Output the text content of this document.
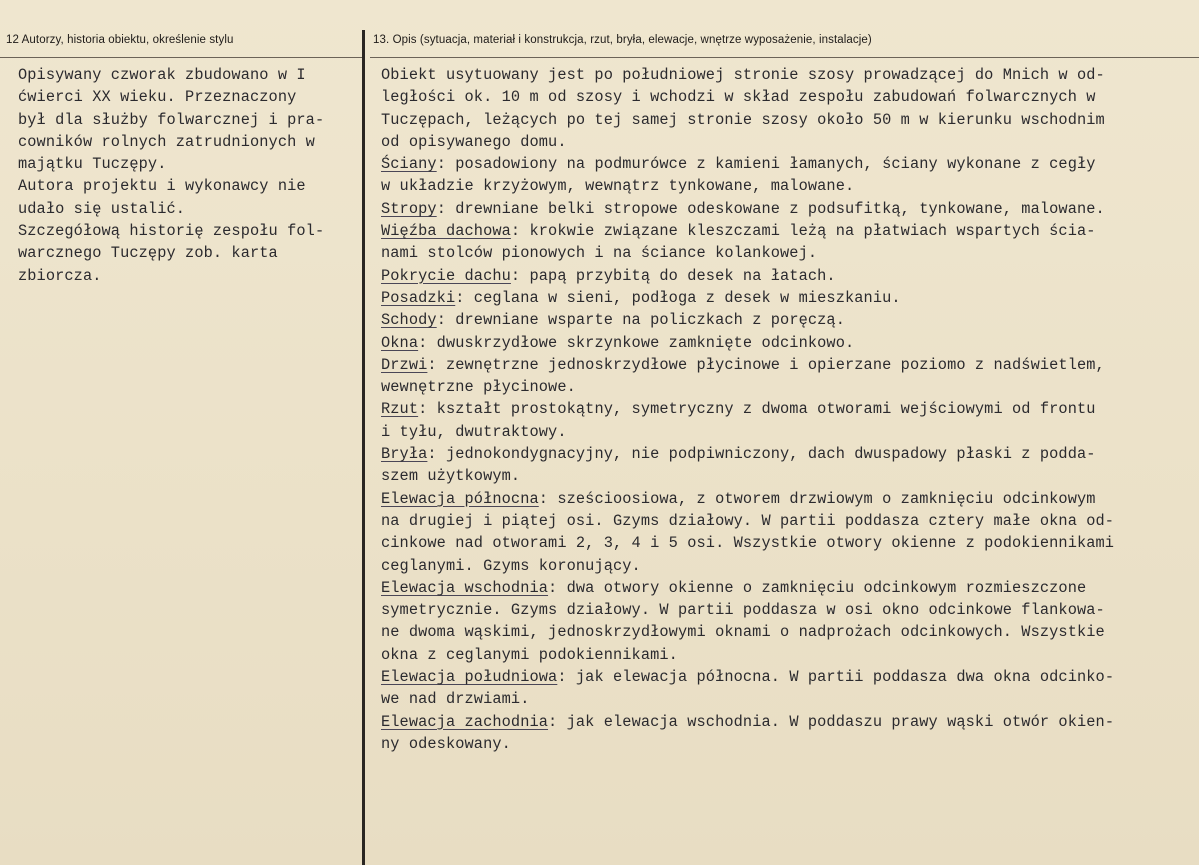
12 Autorzy, historia obiektu, określenie stylu
Opisywany czworak zbudowano w I
ćwierci XX wieku. Przeznaczony
był dla służby folwarcznej i pra-
cowników rolnych zatrudnionych w
majątku Tuczępy.
Autora projektu i wykonawcy nie
udało się ustalić.
Szczegółową historię zespołu fol-
warcznego Tuczępy zob. karta
zbiorcza.
13. Opis (sytuacja, materiał i konstrukcja, rzut, bryła, elewacje, wnętrze wyposażenie, instalacje)
Obiekt usytuowany jest po południowej stronie szosy prowadzącej do Mnich w od-
ległości ok. 10 m od szosy i wchodzi w skład zespołu zabudowań folwarcznych w
Tuczępach, leżących po tej samej stronie szosy około 50 m w kierunku wschodnim
od opisywanego domu.
Ściany: posadowiony na podmurówce z kamieni łamanych, ściany wykonane z cegły
w układzie krzyżowym, wewnątrz tynkowane, malowane.
Stropy: drewniane belki stropowe odeskowane z podsufitką, tynkowane, malowane.
Więźba dachowa: krokwie związane kleszczami leżą na płatwiach wspartych ścia-
nami stolców pionowych i na ściance kolankowej.
Pokrycie dachu: papą przybitą do desek na łatach.
Posadzki: ceglana w sieni, podłoga z desek w mieszkaniu.
Schody: drewniane wsparte na policzkach z poręczą.
Okna: dwuskrzydłowe skrzynkowe zamknięte odcinkowo.
Drzwi: zewnętrzne jednoskrzydłowe płycinowe i opierzane poziomo z nadświetlem,
wewnętrzne płycinowe.
Rzut: kształt prostokątny, symetryczny z dwoma otworami wejściowymi od frontu
i tyłu, dwutraktowy.
Bryła: jednokondygnacyjny, nie podpiwniczony, dach dwuspadowy płaski z podda-
szem użytkowym.
Elewacja północna: sześcioosiowa, z otworem drzwiowym o zamknięciu odcinkowym
na drugiej i piątej osi. Gzyms działowy. W partii poddasza cztery małe okna od-
cinkowe nad otworami 2, 3, 4 i 5 osi. Wszystkie otwory okienne z podokiennikami
ceglanymi. Gzyms koronujący.
Elewacja wschodnia: dwa otwory okienne o zamknięciu odcinkowym rozmieszczone
symetrycznie. Gzyms działowy. W partii poddasza w osi okno odcinkowe flankowa-
ne dwoma wąskimi, jednoskrzydłowymi oknami o nadprożach odcinkowych. Wszystkie
okna z ceglanymi podokiennikami.
Elewacja południowa: jak elewacja północna. W partii poddasza dwa okna odcinko-
we nad drzwiami.
Elewacja zachodnia: jak elewacja wschodnia. W poddaszu prawy wąski otwór okien-
ny odeskowany.
